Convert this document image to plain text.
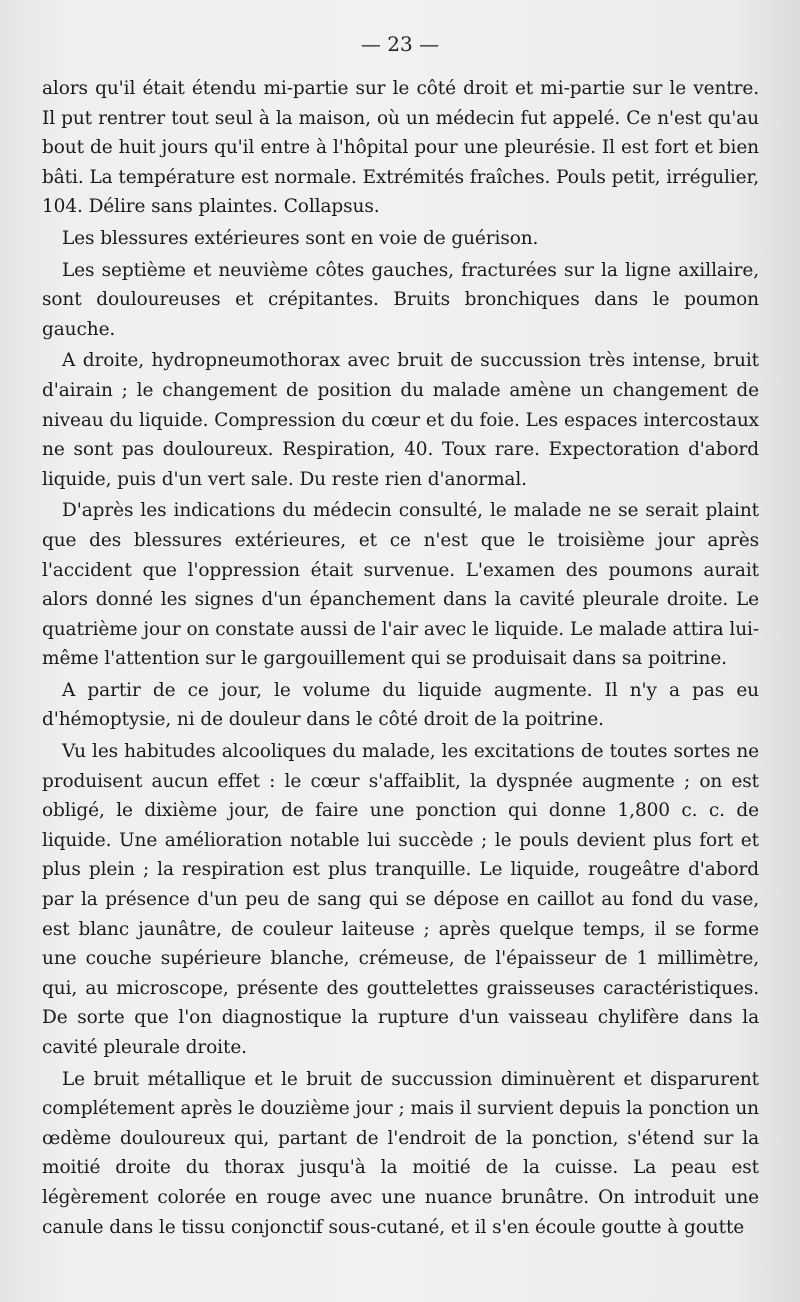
— 23 —

alors qu'il était étendu mi-partie sur le côté droit et mi-partie sur le ventre. Il put rentrer tout seul à la maison, où un médecin fut appelé. Ce n'est qu'au bout de huit jours qu'il entre à l'hôpital pour une pleurésie. Il est fort et bien bâti. La température est normale. Extrémités fraîches. Pouls petit, irrégulier, 104. Délire sans plaintes. Collapsus.

Les blessures extérieures sont en voie de guérison.

Les septième et neuvième côtes gauches, fracturées sur la ligne axillaire, sont douloureuses et crépitantes. Bruits bronchiques dans le poumon gauche.

A droite, hydropneumothorax avec bruit de succussion très intense, bruit d'airain ; le changement de position du malade amène un changement de niveau du liquide. Compression du cœur et du foie. Les espaces intercostaux ne sont pas douloureux. Respiration, 40. Toux rare. Expectoration d'abord liquide, puis d'un vert sale. Du reste rien d'anormal.

D'après les indications du médecin consulté, le malade ne se serait plaint que des blessures extérieures, et ce n'est que le troisième jour après l'accident que l'oppression était survenue. L'examen des poumons aurait alors donné les signes d'un épanchement dans la cavité pleurale droite. Le quatrième jour on constate aussi de l'air avec le liquide. Le malade attira lui-même l'attention sur le gargouillement qui se produisait dans sa poitrine.

A partir de ce jour, le volume du liquide augmente. Il n'y a pas eu d'hémoptysie, ni de douleur dans le côté droit de la poitrine.

Vu les habitudes alcooliques du malade, les excitations de toutes sortes ne produisent aucun effet : le cœur s'affaiblit, la dyspnée augmente ; on est obligé, le dixième jour, de faire une ponction qui donne 1,800 c. c. de liquide. Une amélioration notable lui succède ; le pouls devient plus fort et plus plein ; la respiration est plus tranquille. Le liquide, rougeâtre d'abord par la présence d'un peu de sang qui se dépose en caillot au fond du vase, est blanc jaunâtre, de couleur laiteuse ; après quelque temps, il se forme une couche supérieure blanche, crémeuse, de l'épaisseur de 1 millimètre, qui, au microscope, présente des gouttelettes graisseuses caractéristiques. De sorte que l'on diagnostique la rupture d'un vaisseau chylifère dans la cavité pleurale droite.

Le bruit métallique et le bruit de succussion diminuèrent et disparurent complétement après le douzième jour ; mais il survient depuis la ponction un œdème douloureux qui, partant de l'endroit de la ponction, s'étend sur la moitié droite du thorax jusqu'à la moitié de la cuisse. La peau est légèrement colorée en rouge avec une nuance brunâtre. On introduit une canule dans le tissu conjonctif sous-cutané, et il s'en écoule goutte à goutte
